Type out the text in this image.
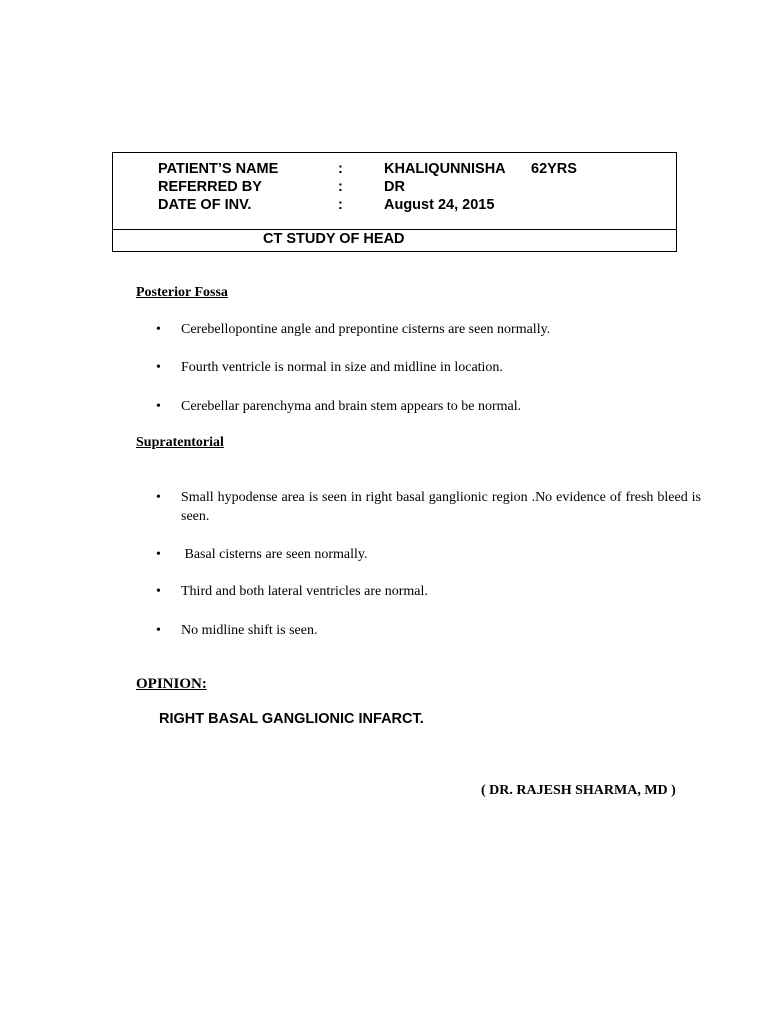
PATIENT’S NAME	:	KHALIQUNNISHA 62YRS
REFERRED BY	:	DR
DATE OF INV.	:	August 24, 2015
CT STUDY OF HEAD
Posterior Fossa
• Cerebellopontine angle and prepontine cisterns are seen normally.
• Fourth ventricle is normal in size and midline in location.
• Cerebellar parenchyma and brain stem appears to be normal.
Supratentorial
• Small hypodense area is seen in right basal ganglionic region .No evidence of fresh bleed is seen.
• Basal cisterns are seen normally.
• Third and both lateral ventricles are normal.
• No midline shift is seen.
OPINION:
RIGHT BASAL GANGLIONIC INFARCT.
( DR. RAJESH SHARMA, MD )
